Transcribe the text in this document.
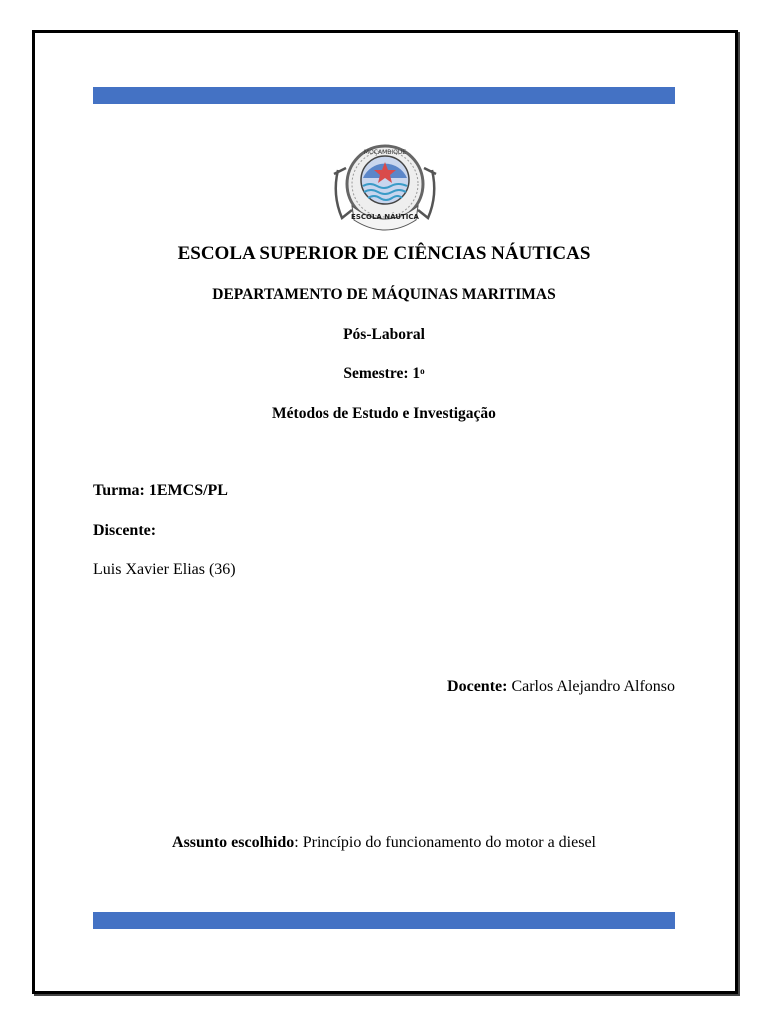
MOÇAMBIQUE
ESCOLA NÁUTICA
ESCOLA SUPERIOR DE CIÊNCIAS NÁUTICAS
DEPARTAMENTO DE MÁQUINAS MARITIMAS
Pós-Laboral
Semestre: 1$^o$
Métodos de Estudo e Investigação
Turma: 1EMCS/PL
Discente:
Luis Xavier Elias (36)
Docente: Carlos Alejandro Alfonso
Assunto escolhido: Princípio do funcionamento do motor a diesel
